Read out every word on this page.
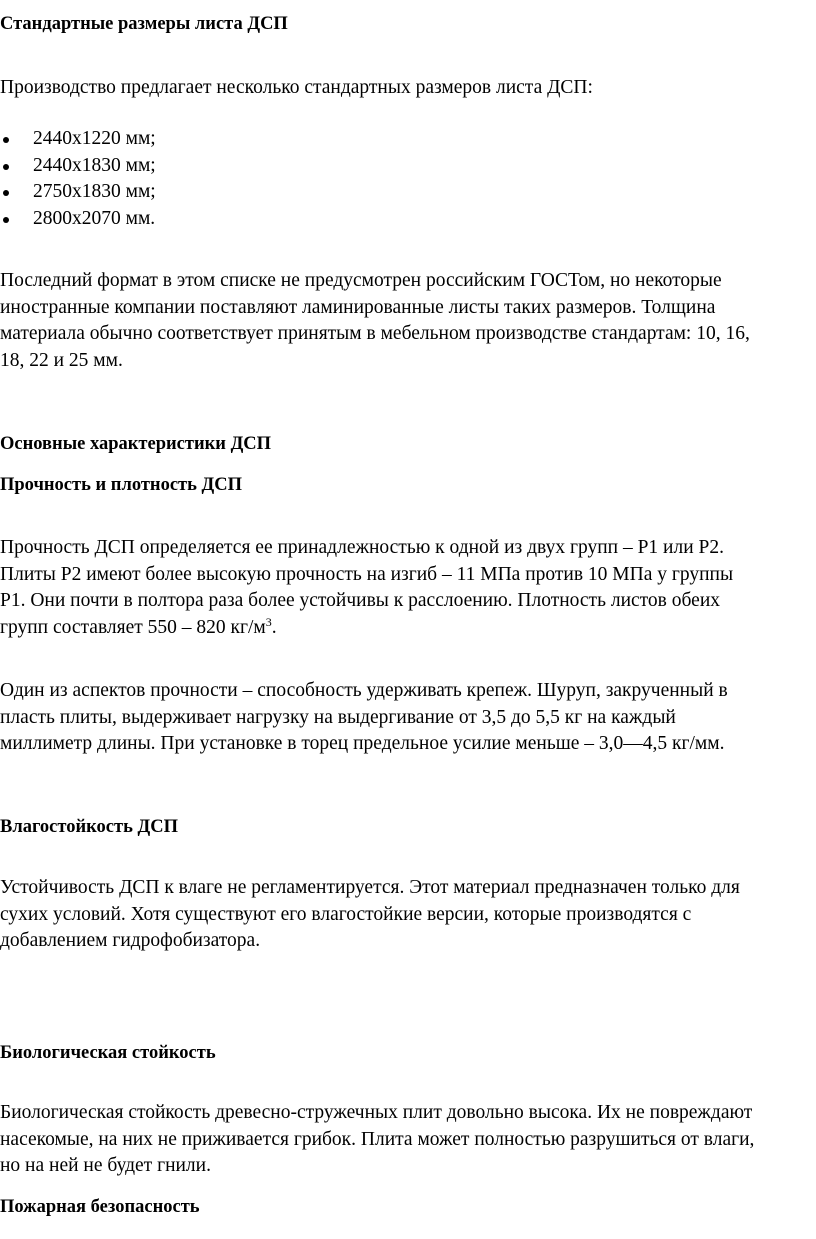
Стандартные размеры листа ДСП
Производство предлагает несколько стандартных размеров листа ДСП:
2440х1220 мм;
2440х1830 мм;
2750х1830 мм;
2800х2070 мм.
Последний формат в этом списке не предусмотрен российским ГОСТом, но некоторые
иностранные компании поставляют ламинированные листы таких размеров. Толщина
материала обычно соответствует принятым в мебельном производстве стандартам: 10, 16,
18, 22 и 25 мм.
Основные характеристики ДСП
Прочность и плотность ДСП
Прочность ДСП определяется ее принадлежностью к одной из двух групп – Р1 или Р2.
Плиты Р2 имеют более высокую прочность на изгиб – 11 МПа против 10 МПа у группы
Р1. Они почти в полтора раза более устойчивы к расслоению. Плотность листов обеих
групп составляет 550 – 820 $кг/м^3$.
Один из аспектов прочности – способность удерживать крепеж. Шуруп, закрученный в
пласть плиты, выдерживает нагрузку на выдергивание от 3,5 до 5,5 кг на каждый
миллиметр длины. При установке в торец предельное усилие меньше – 3,0—4,5 кг/мм.
Влагостойкость ДСП
Устойчивость ДСП к влаге не регламентируется. Этот материал предназначен только для
сухих условий. Хотя существуют его влагостойкие версии, которые производятся с
добавлением гидрофобизатора.
Биологическая стойкость
Биологическая стойкость древесно-стружечных плит довольно высока. Их не повреждают
насекомые, на них не приживается грибок. Плита может полностью разрушиться от влаги,
но на ней не будет гнили.
Пожарная безопасность
